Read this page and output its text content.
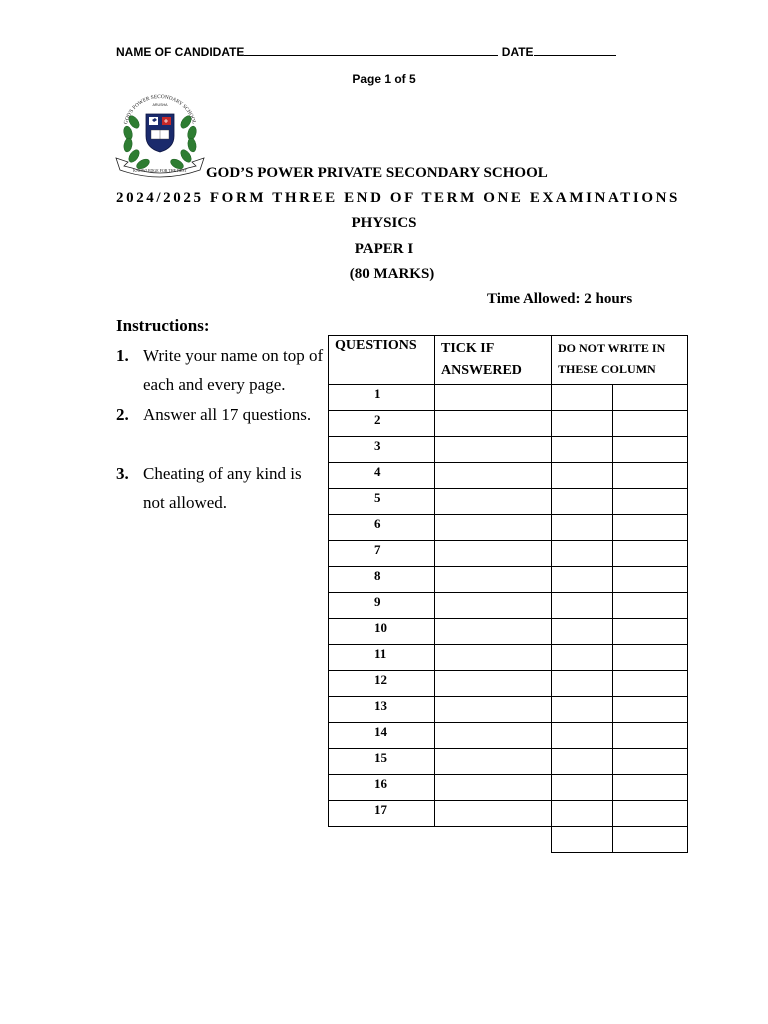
NAME OF CANDIDATE	DATE
Page 1 of 5
GOD'S POWER SECONDARY SCHOOL
ARUSHA
KNOWLEDGE FOR THE BEST GOD’S POWER PRIVATE SECONDARY SCHOOL
2024/2025 FORM THREE END OF TERM ONE EXAMINATIONS
PHYSICS
PAPER I
(80 MARKS)
Time Allowed: 2 hours
Instructions:
1. Write your name on top of each and every page.
2. Answer all 17 questions.
3. Cheating of any kind is not allowed.
QUESTIONS	TICK IF ANSWERED	DO NOT WRITE IN THESE COLUMN	
1			
2			
3			
4			
5			
6			
7			
8			
9			
10			
11			
12			
13			
14			
15			
16			
17			
